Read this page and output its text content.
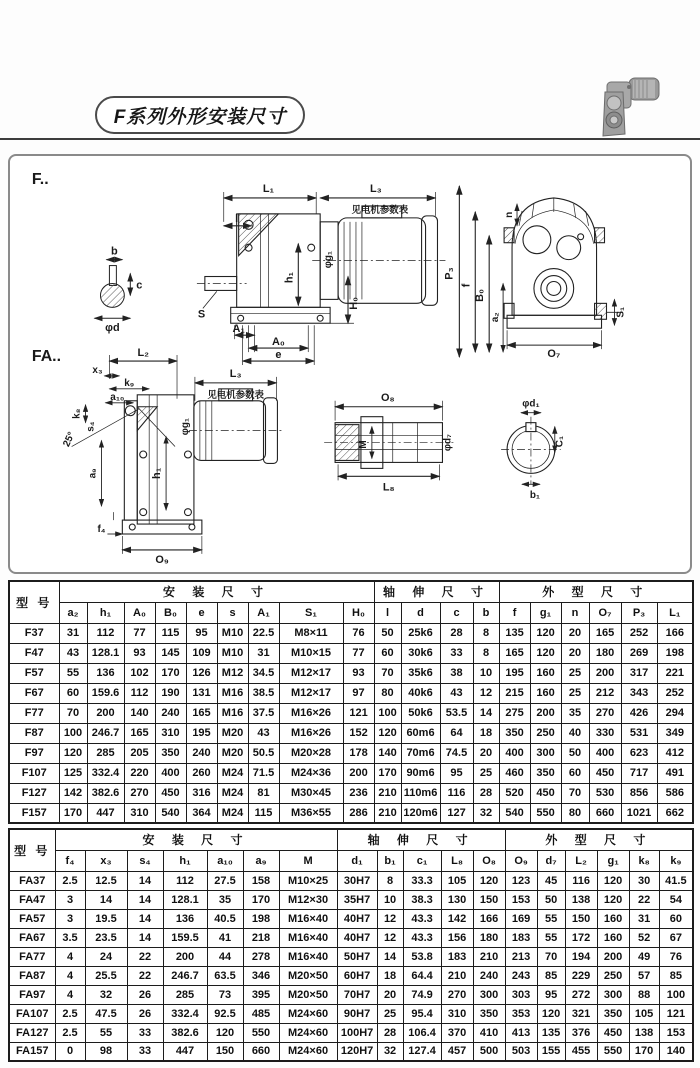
F系列外形安装尺寸
F..
FA..
b
c
φd
L₁	L₃
见电机参数表
l
h₁
φg₁
S
H₀
A₁
A₀
e
P₃
f
B₀
a₂
n
S₁
O₇
L₂
x₃
k₉
a₁₀
k₈
s₄
25°
a₉	h₁
φg₁
L₃
见电机参数表
f₄
O₉
M
O₈
φd₇
L₈
φd₁
C₁
b₁
型 号	安 装 尺 寸									轴 伸 尺 寸				外 型 尺 寸					
	a₂	h₁	A₀	B₀	e	s	A₁	S₁	H₀	l	d	c	b	f	g₁	n	O₇	P₃	L₁
F37	31	112	77	115	95	M10	22.5	M8×11	76	50	25k6	28	8	135	120	20	165	252	166
F47	43	128.1	93	145	109	M10	31	M10×15	77	60	30k6	33	8	165	120	20	180	269	198
F57	55	136	102	170	126	M12	34.5	M12×17	93	70	35k6	38	10	195	160	25	200	317	221
F67	60	159.6	112	190	131	M16	38.5	M12×17	97	80	40k6	43	12	215	160	25	212	343	252
F77	70	200	140	240	165	M16	37.5	M16×26	121	100	50k6	53.5	14	275	200	35	270	426	294
F87	100	246.7	165	310	195	M20	43	M16×26	152	120	60m6	64	18	350	250	40	330	531	349
F97	120	285	205	350	240	M20	50.5	M20×28	178	140	70m6	74.5	20	400	300	50	400	623	412
F107	125	332.4	220	400	260	M24	71.5	M24×36	200	170	90m6	95	25	460	350	60	450	717	491
F127	142	382.6	270	450	316	M24	81	M30×45	236	210	110m6	116	28	520	450	70	530	856	586
F157	170	447	310	540	364	M24	115	M36×55	286	210	120m6	127	32	540	550	80	660	1021	662
型 号	安 装 尺 寸							轴 伸 尺 寸					外 型 尺 寸					
	f₄	x₃	s₄	h₁	a₁₀	a₉	M	d₁	b₁	c₁	L₈	O₈	O₉	d₇	L₂	g₁	k₈	k₉
FA37	2.5	12.5	14	112	27.5	158	M10×25	30H7	8	33.3	105	120	123	45	116	120	30	41.5
FA47	3	14	14	128.1	35	170	M12×30	35H7	10	38.3	130	150	153	50	138	120	22	54
FA57	3	19.5	14	136	40.5	198	M16×40	40H7	12	43.3	142	166	169	55	150	160	31	60
FA67	3.5	23.5	14	159.5	41	218	M16×40	40H7	12	43.3	156	180	183	55	172	160	52	67
FA77	4	24	22	200	44	278	M16×40	50H7	14	53.8	183	210	213	70	194	200	49	76
FA87	4	25.5	22	246.7	63.5	346	M20×50	60H7	18	64.4	210	240	243	85	229	250	57	85
FA97	4	32	26	285	73	395	M20×50	70H7	20	74.9	270	300	303	95	272	300	88	100
FA107	2.5	47.5	26	332.4	92.5	485	M24×60	90H7	25	95.4	310	350	353	120	321	350	105	121
FA127	2.5	55	33	382.6	120	550	M24×60	100H7	28	106.4	370	410	413	135	376	450	138	153
FA157	0	98	33	447	150	660	M24×60	120H7	32	127.4	457	500	503	155	455	550	170	140
